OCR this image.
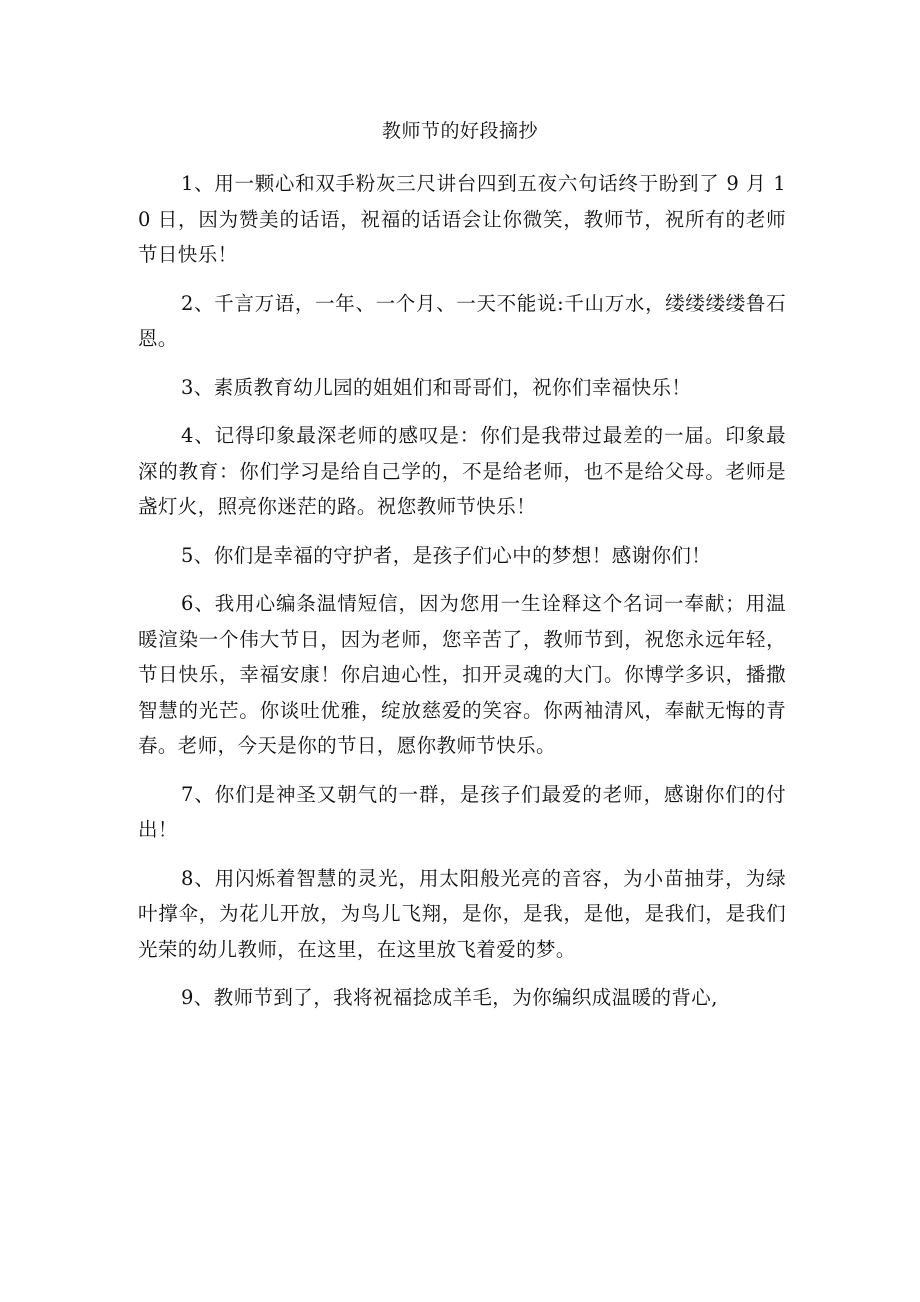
教师节的好段摘抄

1、用一颗心和双手粉灰三尺讲台四到五夜六句话终于盼到了 9 月 10 日，因为赞美的话语，祝福的话语会让你微笑，教师节，祝所有的老师节日快乐！

2、千言万语，一年、一个月、一天不能说:千山万水，缕缕缕缕鲁石恩。

3、素质教育幼儿园的姐姐们和哥哥们，祝你们幸福快乐！

4、记得印象最深老师的感叹是：你们是我带过最差的一届。印象最深的教育：你们学习是给自己学的，不是给老师，也不是给父母。老师是盏灯火，照亮你迷茫的路。祝您教师节快乐！

5、你们是幸福的守护者，是孩子们心中的梦想！感谢你们！

6、我用心编条温情短信，因为您用一生诠释这个名词一奉献；用温暖渲染一个伟大节日，因为老师，您辛苦了，教师节到，祝您永远年轻，节日快乐，幸福安康！你启迪心性，扣开灵魂的大门。你博学多识，播撒智慧的光芒。你谈吐优雅，绽放慈爱的笑容。你两袖清风，奉献无悔的青春。老师，今天是你的节日，愿你教师节快乐。

7、你们是神圣又朝气的一群，是孩子们最爱的老师，感谢你们的付出！

8、用闪烁着智慧的灵光，用太阳般光亮的音容，为小苗抽芽，为绿叶撑伞，为花儿开放，为鸟儿飞翔，是你，是我，是他，是我们，是我们光荣的幼儿教师，在这里，在这里放飞着爱的梦。

9、教师节到了，我将祝福捻成羊毛，为你编织成温暖的背心,
